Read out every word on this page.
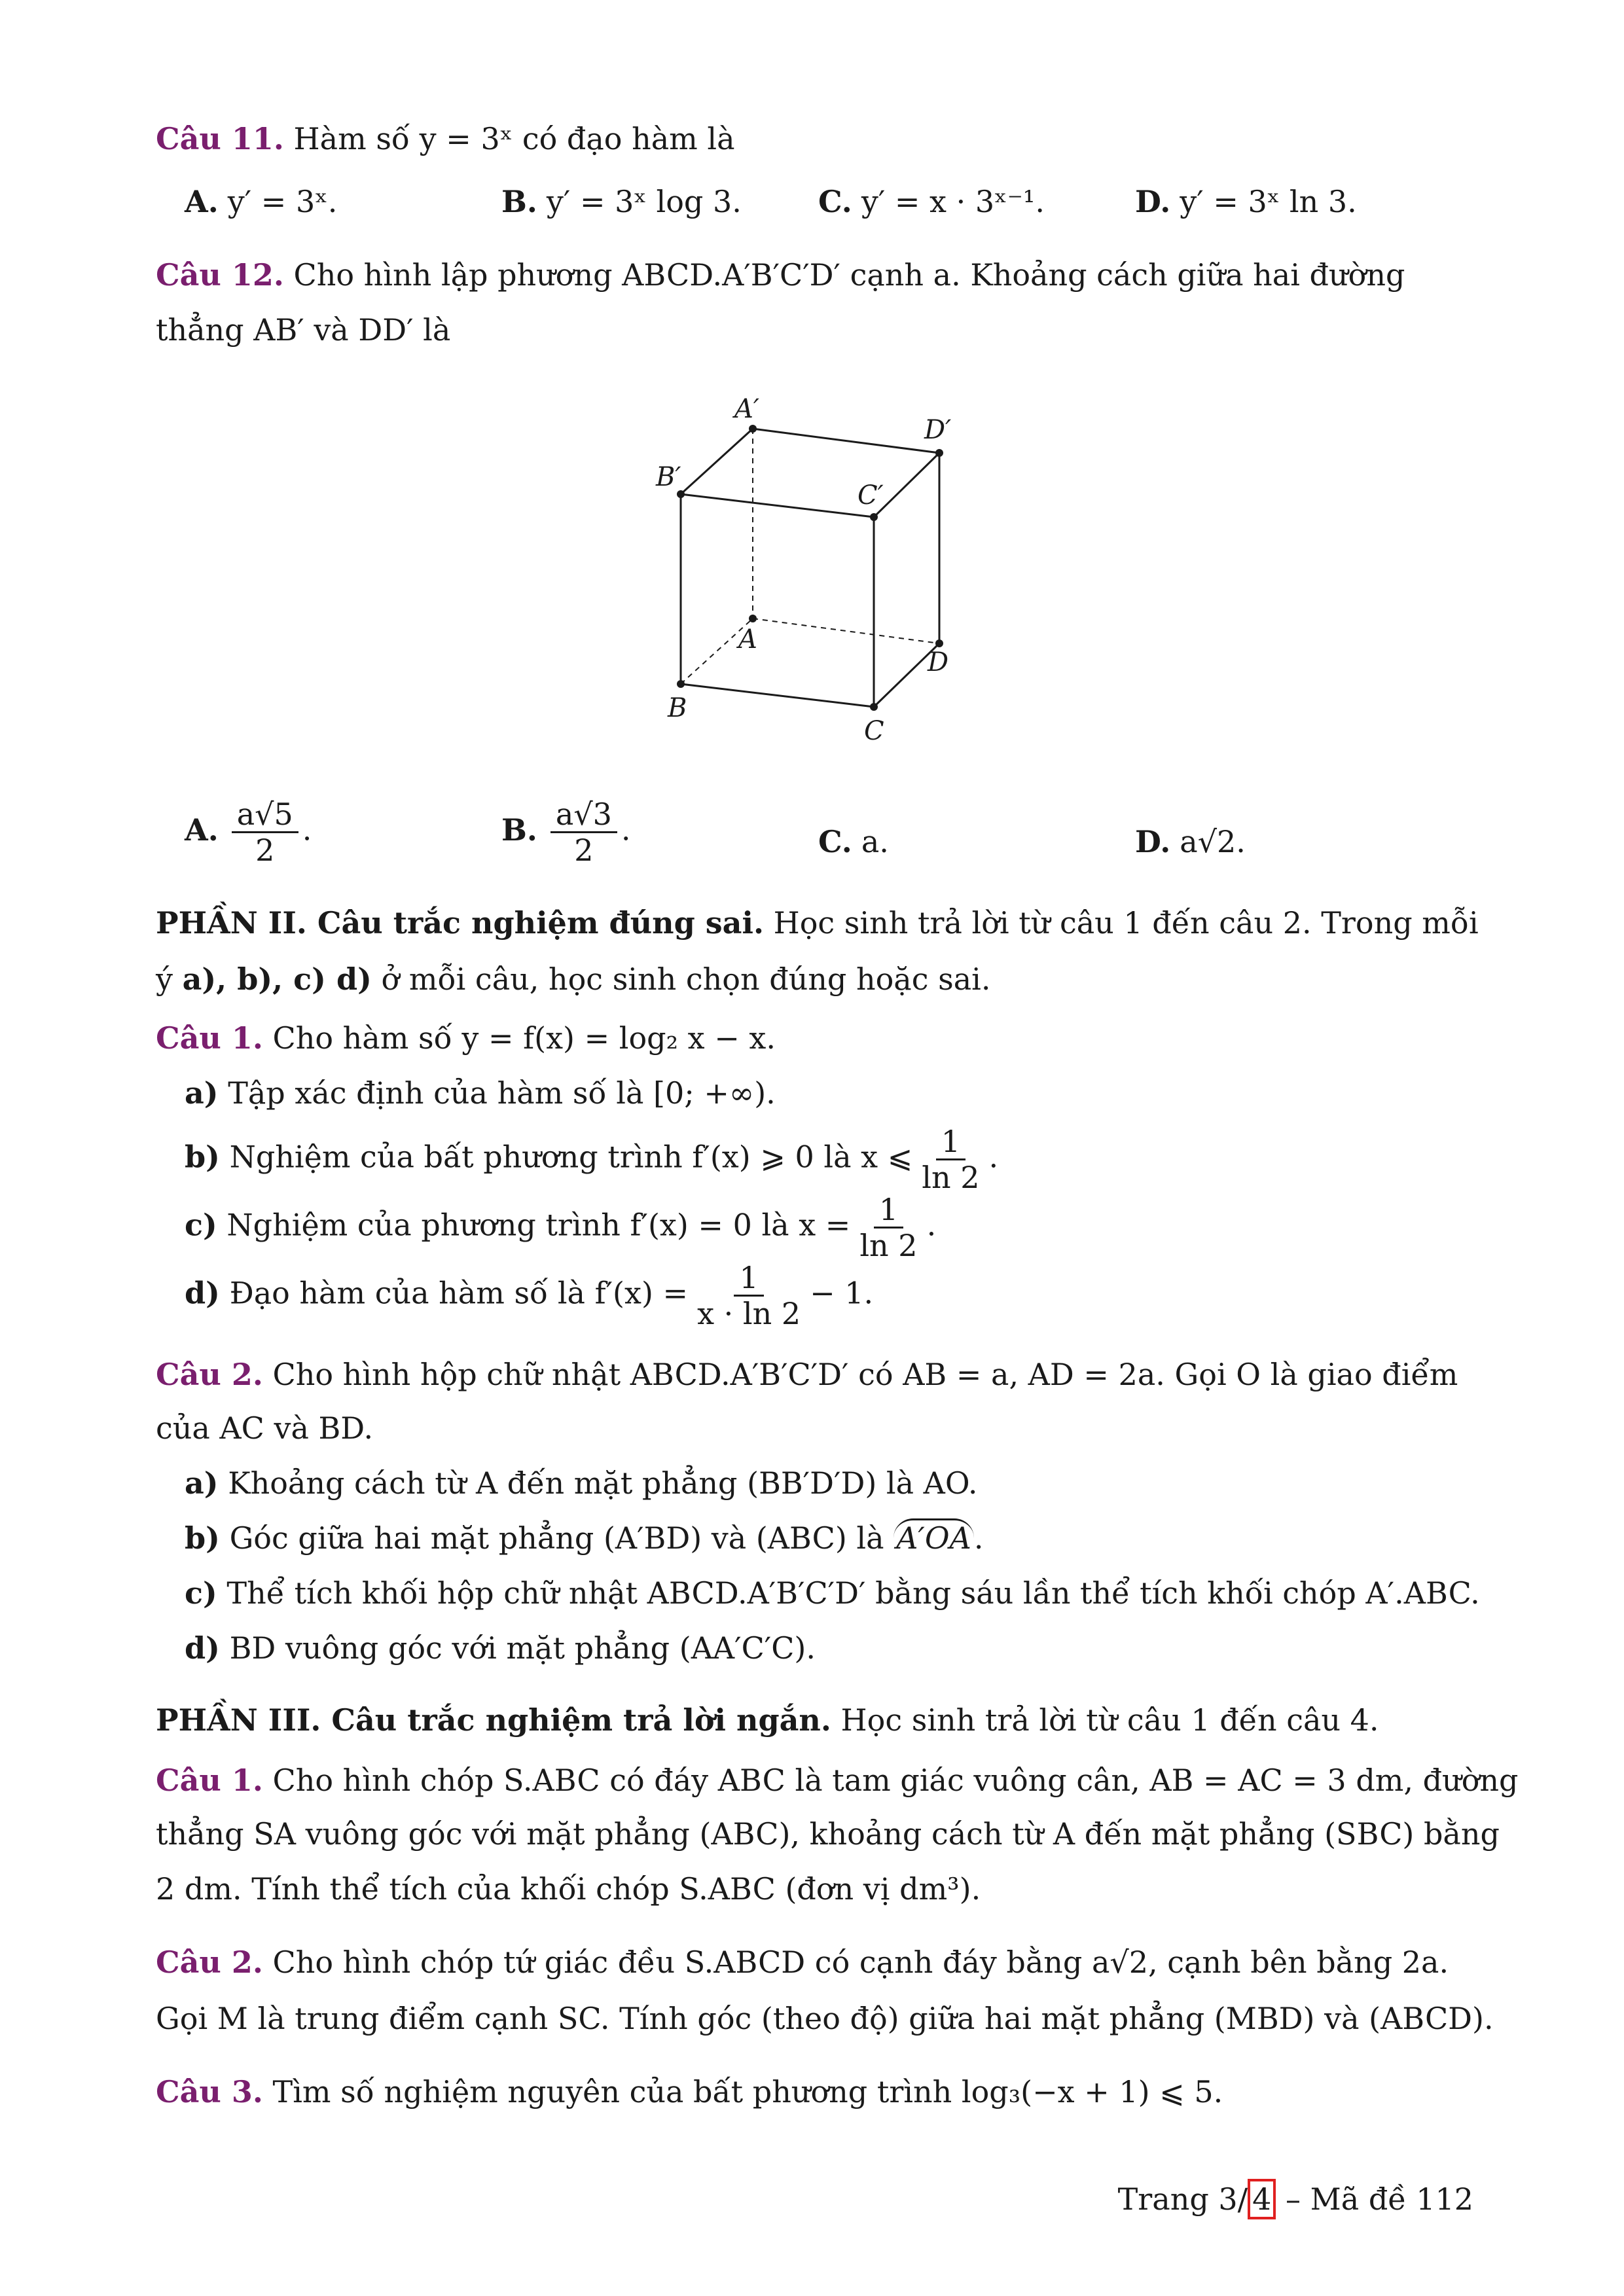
Câu 11. Hàm số y = 3ˣ có đạo hàm là
A. y′ = 3ˣ.	B. y′ = 3ˣ log 3.	C. y′ = x · 3ˣ⁻¹.	D. y′ = 3ˣ ln 3.
Câu 12. Cho hình lập phương ABCD.A′B′C′D′ cạnh a. Khoảng cách giữa hai đường
thẳng AB′ và DD′ là
A′
D′
B′
C′
A
D
B
C
A. $\frac{a√5}{2}$ .	B. $\frac{a√3}{2}$ .	C. a.	D. a√2.
PHẦN II. Câu trắc nghiệm đúng sai. Học sinh trả lời từ câu 1 đến câu 2. Trong mỗi
ý a), b), c) d) ở mỗi câu, học sinh chọn đúng hoặc sai.
Câu 1. Cho hàm số y = f(x) = log₂ x − x.
a) Tập xác định của hàm số là [0; +∞).
b) Nghiệm của bất phương trình f′(x) ⩾ 0 là x ⩽ $\frac{1}{\ln 2}$ .
c) Nghiệm của phương trình f′(x) = 0 là $x = \frac{1}{\ln 2}$ .
d) Đạo hàm của hàm số là $f'(x) = \frac{1}{x \cdot \ln 2} - 1$.
Câu 2. Cho hình hộp chữ nhật ABCD.A′B′C′D′ có AB = a, AD = 2a. Gọi O là giao điểm
của AC và BD.
a) Khoảng cách từ A đến mặt phẳng (BB′D′D) là AO.
b) Góc giữa hai mặt phẳng (A′BD) và (ABC) là A′OA.
c) Thể tích khối hộp chữ nhật ABCD.A′B′C′D′ bằng sáu lần thể tích khối chóp A′.ABC.
d) BD vuông góc với mặt phẳng (AA′C′C).
PHẦN III. Câu trắc nghiệm trả lời ngắn. Học sinh trả lời từ câu 1 đến câu 4.
Câu 1. Cho hình chóp S.ABC có đáy ABC là tam giác vuông cân, AB = AC = 3 dm, đường
thẳng SA vuông góc với mặt phẳng (ABC), khoảng cách từ A đến mặt phẳng (SBC) bằng
2 dm. Tính thể tích của khối chóp S.ABC (đơn vị dm³).
Câu 2. Cho hình chóp tứ giác đều S.ABCD có cạnh đáy bằng a√2, cạnh bên bằng 2a.
Gọi M là trung điểm cạnh SC. Tính góc (theo độ) giữa hai mặt phẳng (MBD) và (ABCD).
Câu 3. Tìm số nghiệm nguyên của bất phương trình log₃(−x + 1) ⩽ 5.
Trang 3/ 4 – Mã đề 112
